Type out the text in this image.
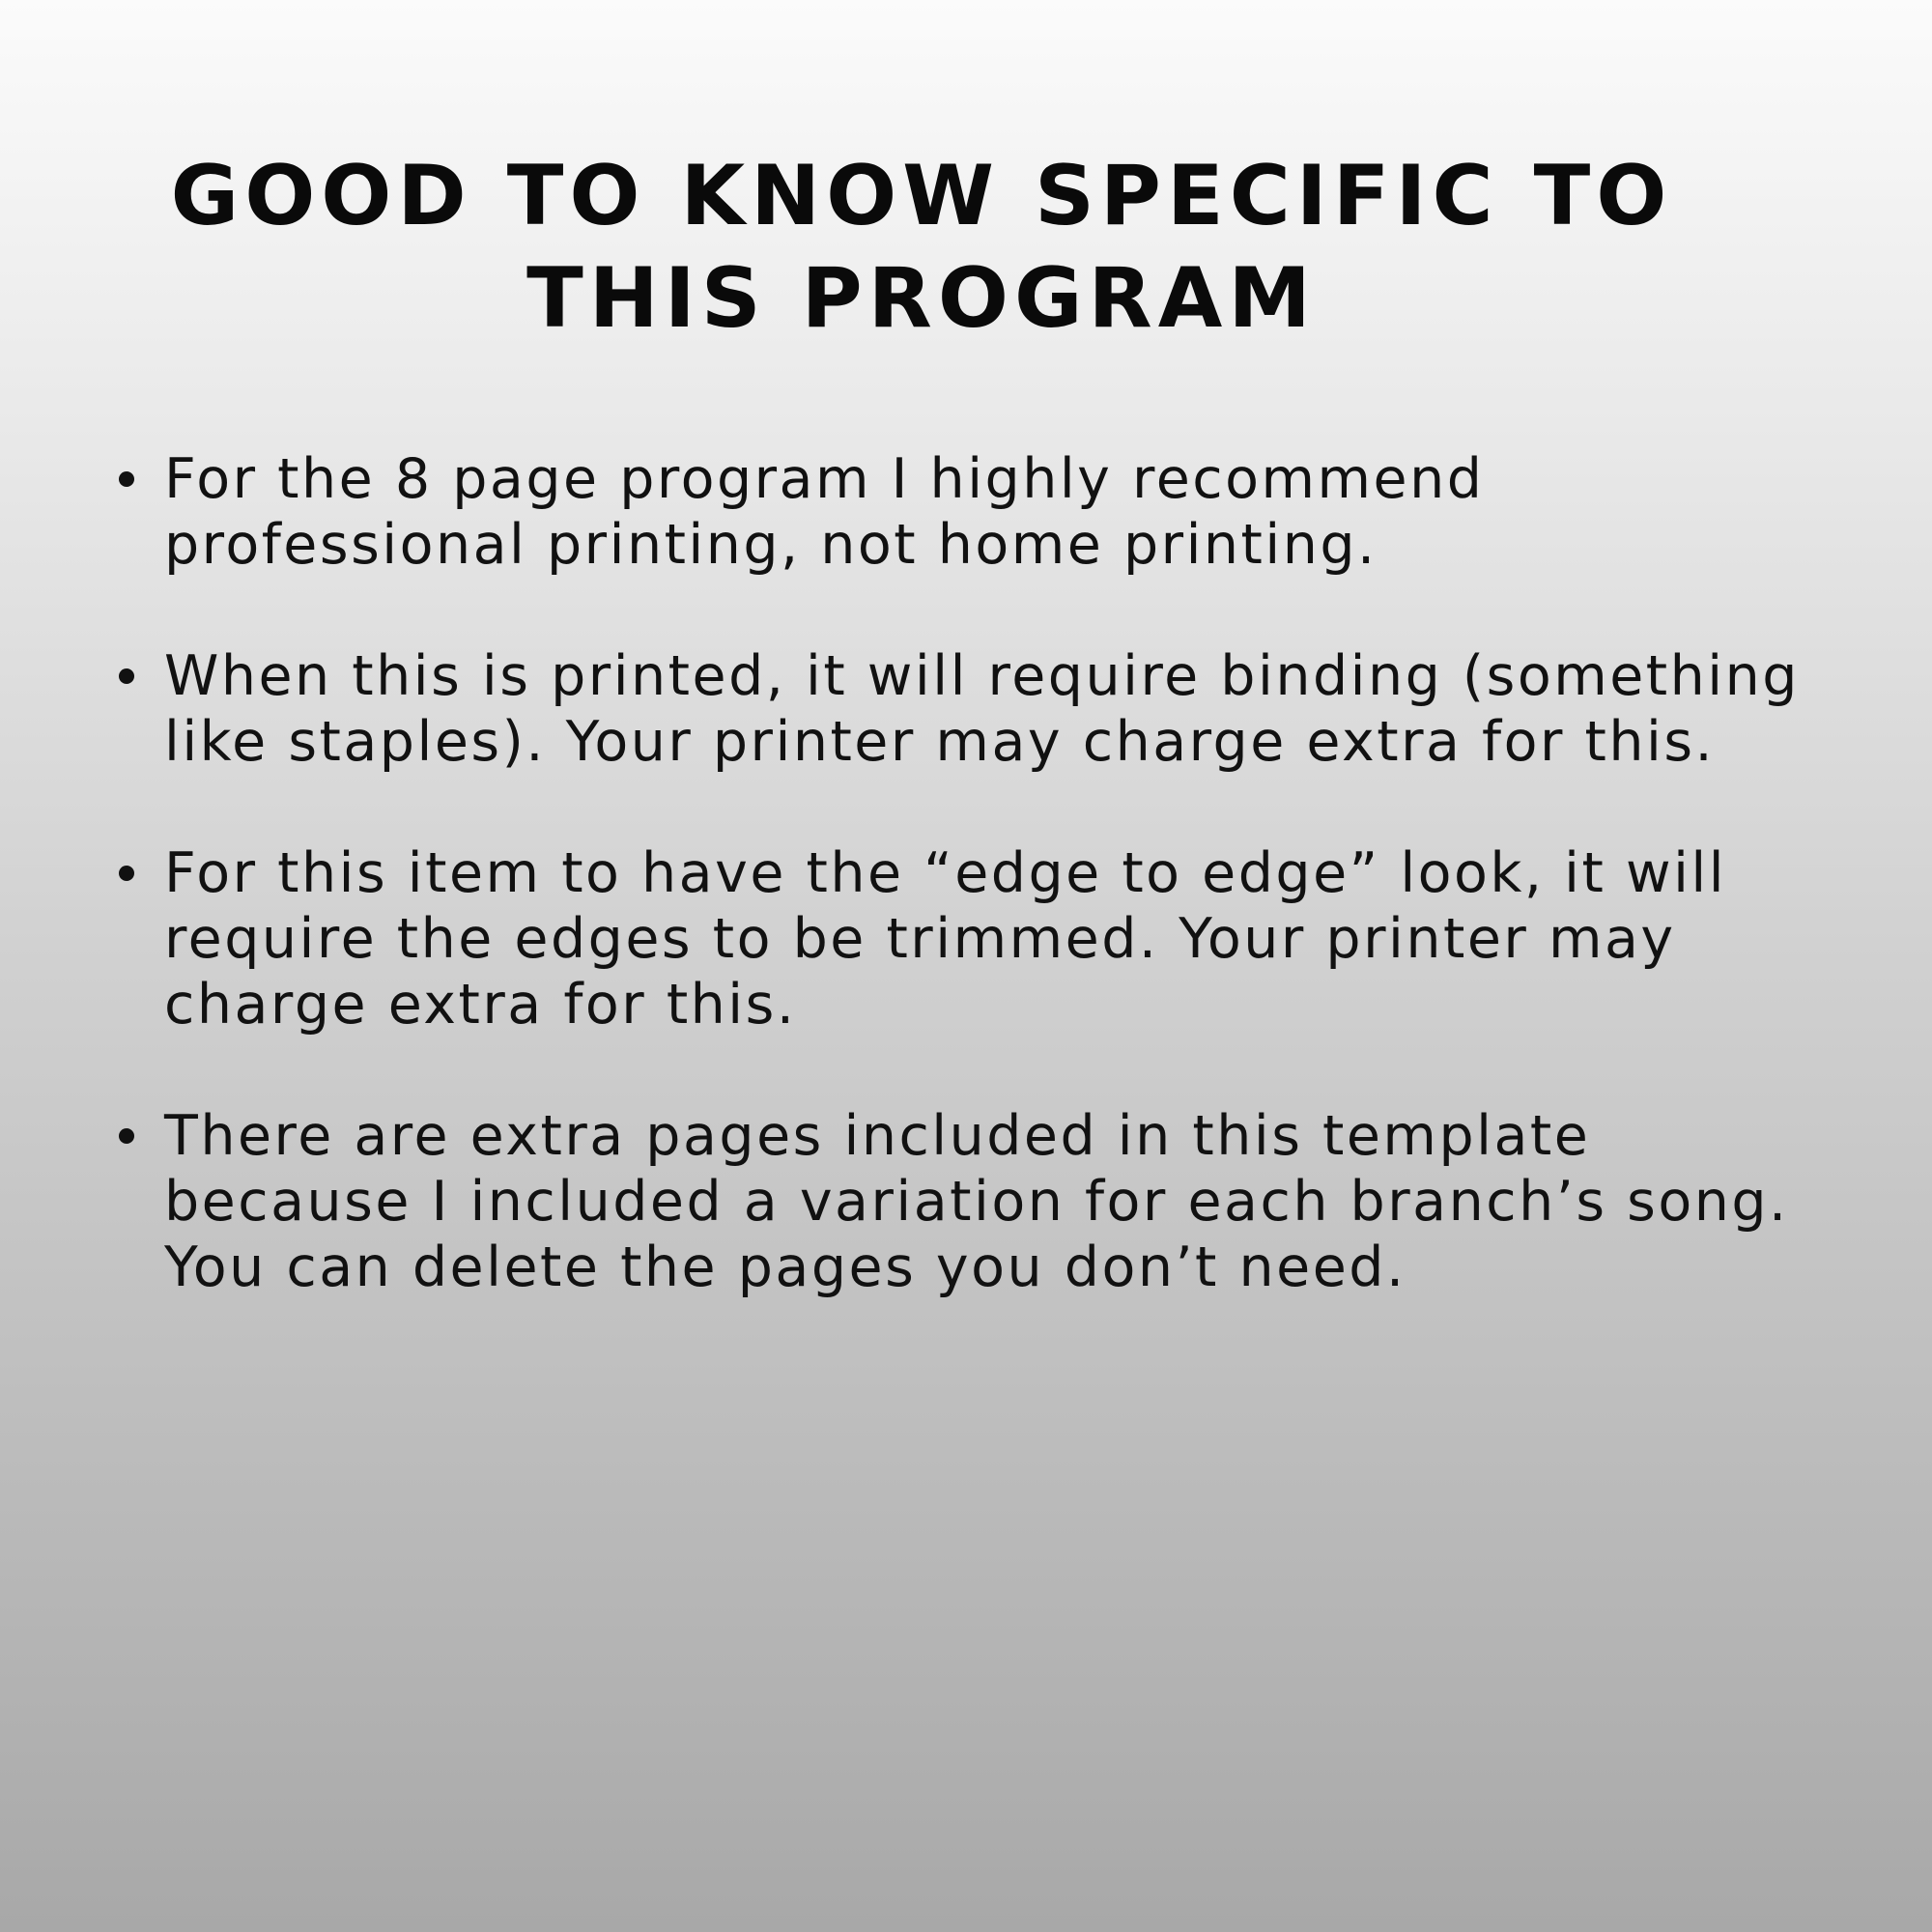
GOOD TO KNOW SPECIFIC TO
THIS PROGRAM
For the 8 page program I highly recommend
professional printing, not home printing.
When this is printed, it will require binding (something
like staples). Your printer may charge extra for this.
For this item to have the “edge to edge” look, it will
require the edges to be trimmed. Your printer may
charge extra for this.
There are extra pages included in this template
because I included a variation for each branch’s song.
You can delete the pages you don’t need.
